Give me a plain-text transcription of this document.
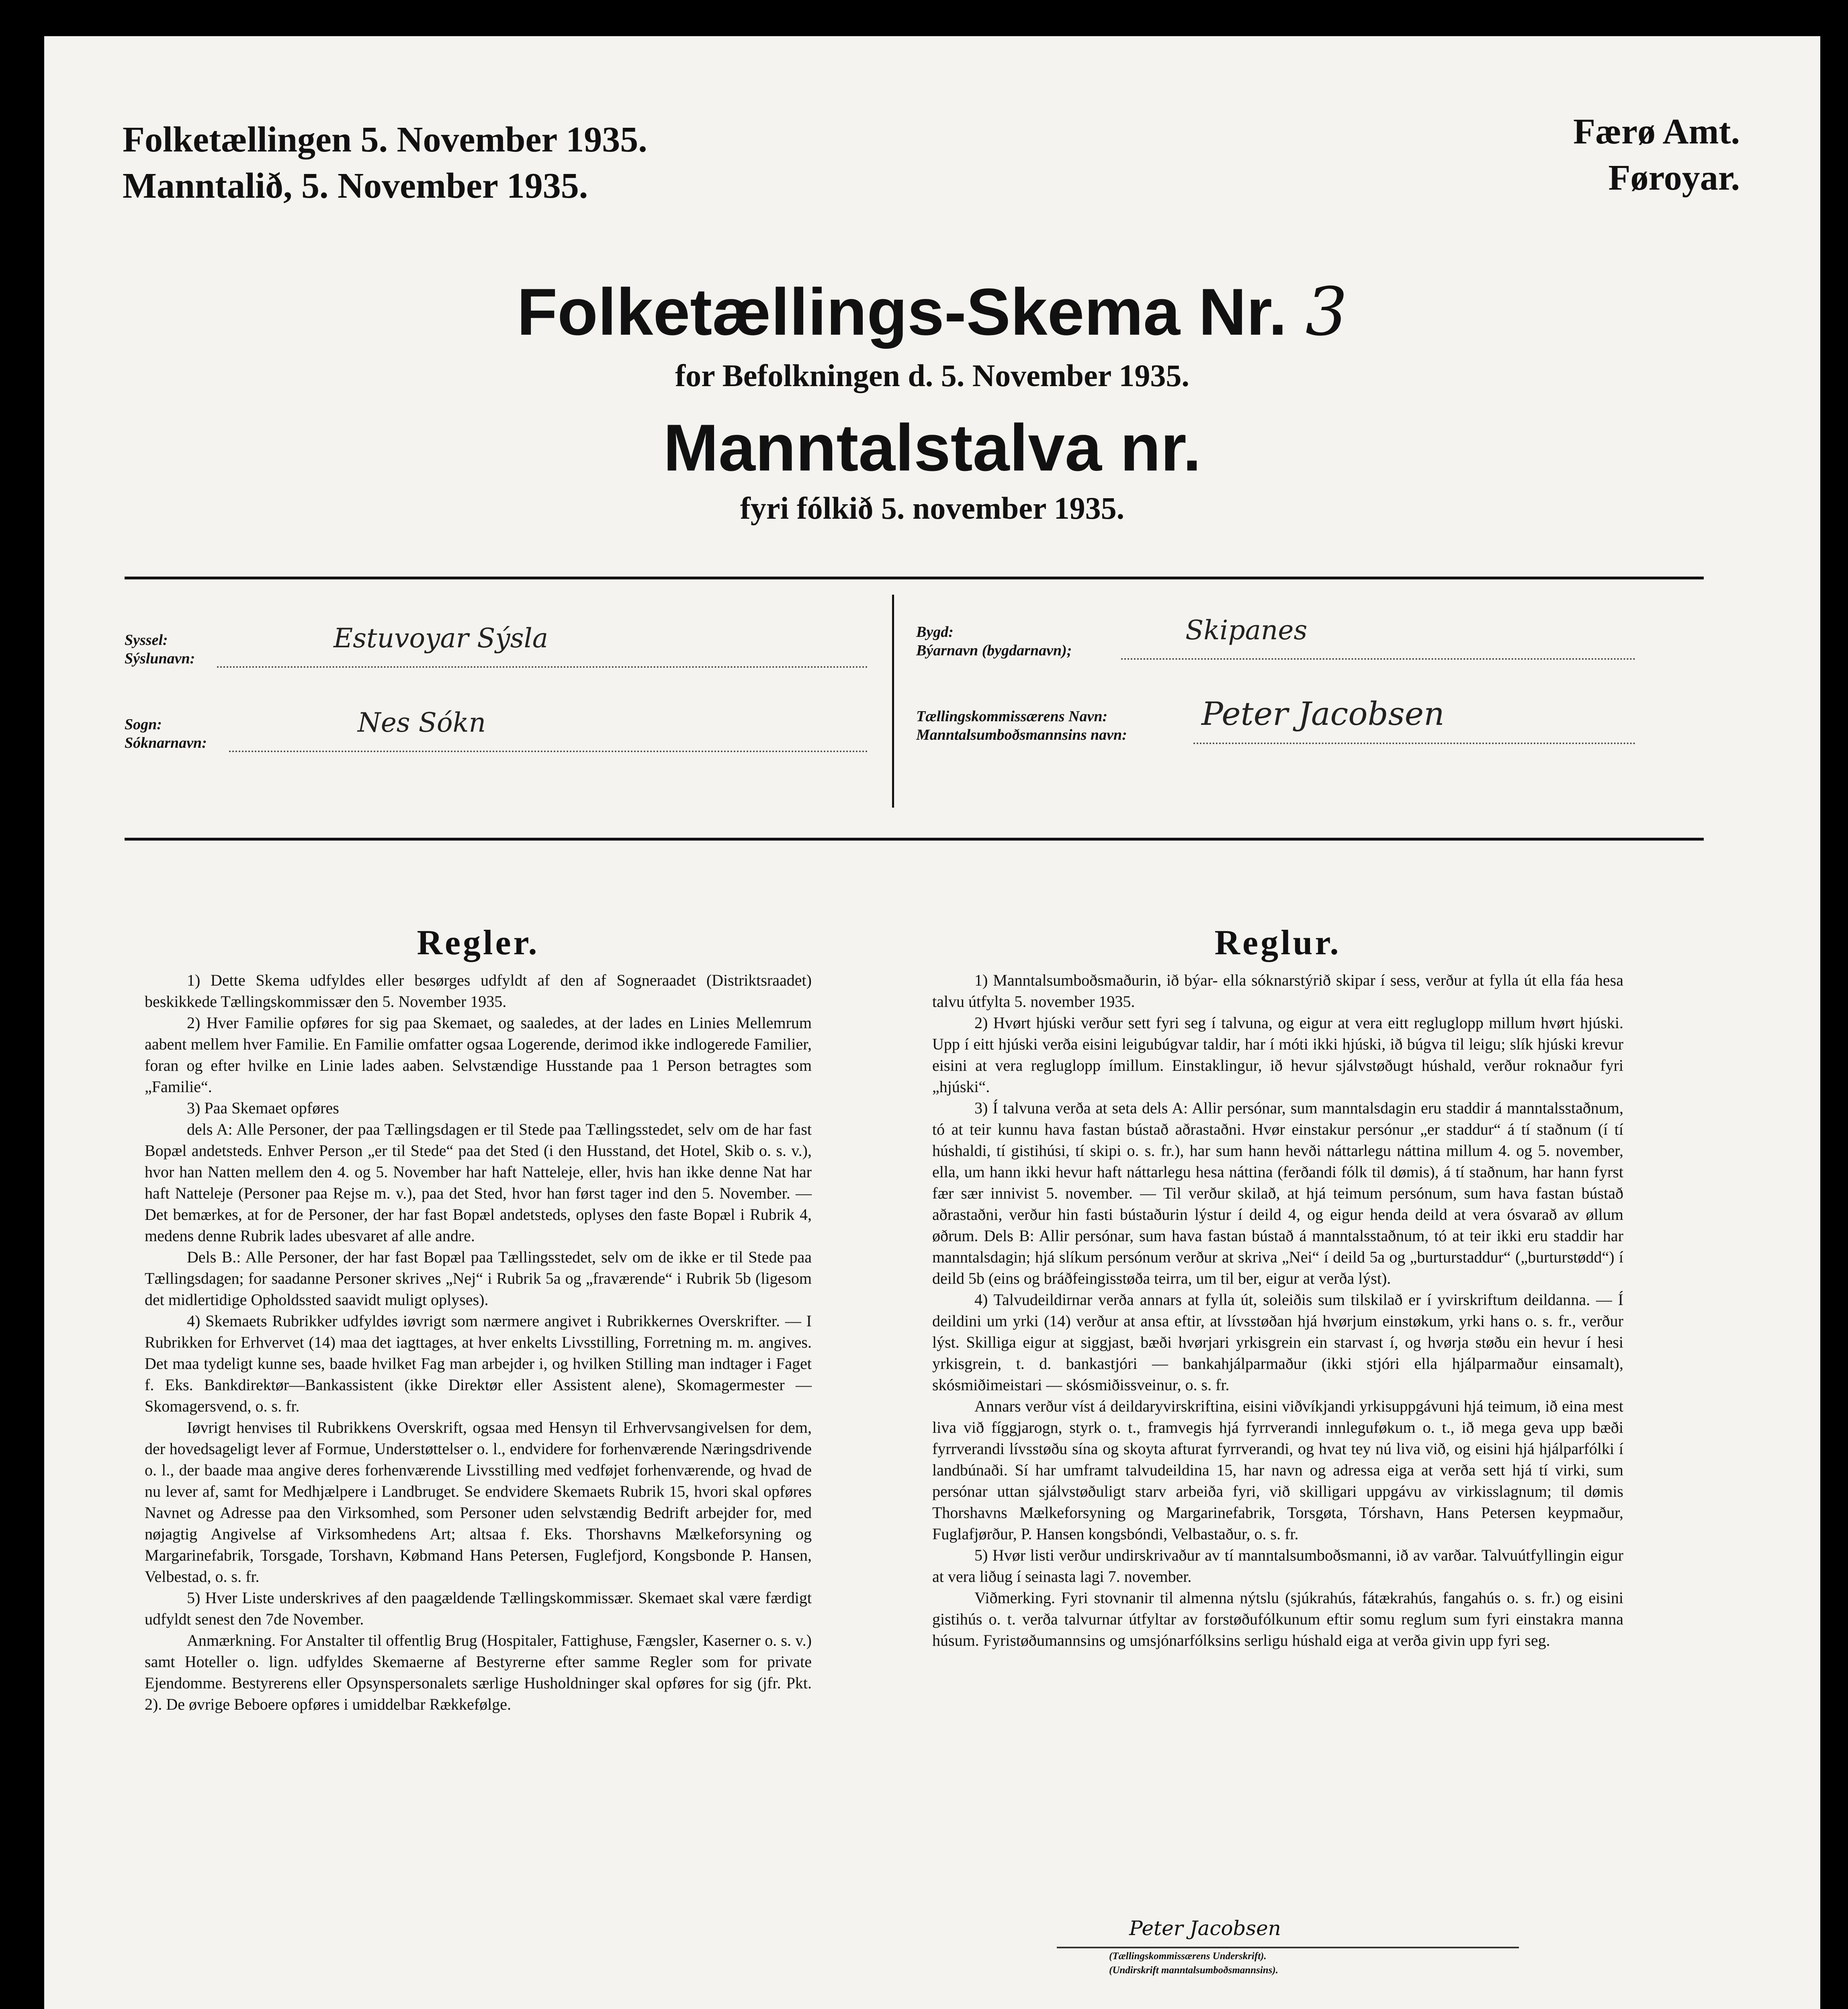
Folketællingen 5. November 1935.
Manntalið, 5. November 1935.
Færø Amt.
Føroyar.
Folketællings-Skema Nr. 3
for Befolkningen d. 5. November 1935.
Manntalstalva nr.
fyri fólkið 5. november 1935.
Syssel:
Sýslunavn:
Estuvoyar Sýsla
Sogn:
Sóknarnavn:
Nes Sókn
Bygd:
Býarnavn (bygdarnavn);
Skipanes
Tællingskommissærens Navn:
Manntalsumboðsmannsins navn:
Peter Jacobsen
Regler.

1) Dette Skema udfyldes eller besørges udfyldt af den af Sogneraadet (Distriktsraadet) beskikkede Tællingskommissær den 5. November 1935.

2) Hver Familie opføres for sig paa Skemaet, og saaledes, at der lades en Linies Mellemrum aabent mellem hver Familie. En Familie omfatter ogsaa Logerende, derimod ikke indlogerede Familier, foran og efter hvilke en Linie lades aaben. Selvstændige Husstande paa 1 Person betragtes som „Familie“.

3) Paa Skemaet opføres

dels A: Alle Personer, der paa Tællingsdagen er til Stede paa Tællingsstedet, selv om de har fast Bopæl andetsteds. Enhver Person „er til Stede“ paa det Sted (i den Husstand, det Hotel, Skib o. s. v.), hvor han Natten mellem den 4. og 5. November har haft Natteleje, eller, hvis han ikke denne Nat har haft Natteleje (Personer paa Rejse m. v.), paa det Sted, hvor han først tager ind den 5. November. — Det bemærkes, at for de Personer, der har fast Bopæl andetsteds, oplyses den faste Bopæl i Rubrik 4, medens denne Rubrik lades ubesvaret af alle andre.

Dels B.: Alle Personer, der har fast Bopæl paa Tællingsstedet, selv om de ikke er til Stede paa Tællingsdagen; for saadanne Personer skrives „Nej“ i Rubrik 5a og „fraværende“ i Rubrik 5b (ligesom det midlertidige Opholdssted saavidt muligt oplyses).

4) Skemaets Rubrikker udfyldes iøvrigt som nærmere angivet i Rubrikkernes Overskrifter. — I Rubrikken for Erhvervet (14) maa det iagttages, at hver enkelts Livsstilling, Forretning m. m. angives. Det maa tydeligt kunne ses, baade hvilket Fag man arbejder i, og hvilken Stilling man indtager i Faget f. Eks. Bankdirektør—Bankassistent (ikke Direktør eller Assistent alene), Skomagermester — Skomagersvend, o. s. fr.

Iøvrigt henvises til Rubrikkens Overskrift, ogsaa med Hensyn til Erhvervsangivelsen for dem, der hovedsageligt lever af Formue, Understøttelser o. l., endvidere for forhenværende Næringsdrivende o. l., der baade maa angive deres forhenværende Livsstilling med vedføjet forhenværende, og hvad de nu lever af, samt for Medhjælpere i Landbruget. Se endvidere Skemaets Rubrik 15, hvori skal opføres Navnet og Adresse paa den Virksomhed, som Personer uden selvstændig Bedrift arbejder for, med nøjagtig Angivelse af Virksomhedens Art; altsaa f. Eks. Thorshavns Mælkeforsyning og Margarinefabrik, Torsgade, Torshavn, Købmand Hans Petersen, Fuglefjord, Kongsbonde P. Hansen, Velbestad, o. s. fr.

5) Hver Liste underskrives af den paagældende Tællingskommissær. Skemaet skal være færdigt udfyldt senest den 7de November.

Anmærkning. For Anstalter til offentlig Brug (Hospitaler, Fattighuse, Fængsler, Kaserner o. s. v.) samt Hoteller o. lign. udfyldes Skemaerne af Bestyrerne efter samme Regler som for private Ejendomme. Bestyrerens eller Opsynspersonalets særlige Husholdninger skal opføres for sig (jfr. Pkt. 2). De øvrige Beboere opføres i umiddelbar Rækkefølge.

Reglur.

1) Manntalsumboðsmaðurin, ið býar- ella sóknarstýrið skipar í sess, verður at fylla út ella fáa hesa talvu útfylta 5. november 1935.

2) Hvørt hjúski verður sett fyri seg í talvuna, og eigur at vera eitt regluglopp millum hvørt hjúski. Upp í eitt hjúski verða eisini leigubúgvar taldir, har í móti ikki hjúski, ið búgva til leigu; slík hjúski krevur eisini at vera regluglopp ímillum. Einstaklingur, ið hevur sjálvstøðugt húshald, verður roknaður fyri „hjúski“.

3) Í talvuna verða at seta dels A: Allir persónar, sum manntalsdagin eru staddir á manntalsstaðnum, tó at teir kunnu hava fastan bústað aðrastaðni. Hvør einstakur persónur „er staddur“ á tí staðnum (í tí húshaldi, tí gistihúsi, tí skipi o. s. fr.), har sum hann hevði náttarlegu náttina millum 4. og 5. november, ella, um hann ikki hevur haft náttarlegu hesa náttina (ferðandi fólk til dømis), á tí staðnum, har hann fyrst fær sær innivist 5. november. — Til verður skilað, at hjá teimum persónum, sum hava fastan bústað aðrastaðni, verður hin fasti bústaðurin lýstur í deild 4, og eigur henda deild at vera ósvarað av øllum øðrum. Dels B: Allir persónar, sum hava fastan bústað á manntalsstaðnum, tó at teir ikki eru staddir har manntalsdagin; hjá slíkum persónum verður at skriva „Nei“ í deild 5a og „burturstaddur“ („burturstødd“) í deild 5b (eins og bráðfeingisstøða teirra, um til ber, eigur at verða lýst).

4) Talvudeildirnar verða annars at fylla út, soleiðis sum tilskilað er í yvirskriftum deildanna. — Í deildini um yrki (14) verður at ansa eftir, at lívsstøðan hjá hvørjum einstøkum, yrki hans o. s. fr., verður lýst. Skilliga eigur at siggjast, bæði hvørjari yrkisgrein ein starvast í, og hvørja støðu ein hevur í hesi yrkisgrein, t. d. bankastjóri — bankahjálparmaður (ikki stjóri ella hjálparmaður einsamalt), skósmiðimeistari — skósmiðissveinur, o. s. fr.

Annars verður víst á deildaryvirskriftina, eisini viðvíkjandi yrkisuppgávuni hjá teimum, ið eina mest liva við fíggjarogn, styrk o. t., framvegis hjá fyrrverandi innleguføkum o. t., ið mega geva upp bæði fyrrverandi lívsstøðu sína og skoyta afturat fyrrverandi, og hvat tey nú liva við, og eisini hjá hjálparfólki í landbúnaði. Sí har umframt talvudeildina 15, har navn og adressa eiga at verða sett hjá tí virki, sum persónar uttan sjálvstøðuligt starv arbeiða fyri, við skilligari uppgávu av virkisslagnum; til dømis Thorshavns Mælkeforsyning og Margarinefabrik, Torsgøta, Tórshavn, Hans Petersen keypmaður, Fuglafjørður, P. Hansen kongsbóndi, Velbastaður, o. s. fr.

5) Hvør listi verður undirskrivaður av tí manntalsumboðsmanni, ið av varðar. Talvuútfyllingin eigur at vera liðug í seinasta lagi 7. november.

Viðmerking. Fyri stovnanir til almenna nýtslu (sjúkrahús, fátækrahús, fangahús o. s. fr.) og eisini gistihús o. t. verða talvurnar útfyltar av forstøðufólkunum eftir somu reglum sum fyri einstakra manna húsum. Fyristøðumannsins og umsjónarfólksins serligu húshald eiga at verða givin upp fyri seg.

Peter Jacobsen
(Tællingskommissærens Underskrift).
(Undirskrift manntalsumboðsmannsins).
